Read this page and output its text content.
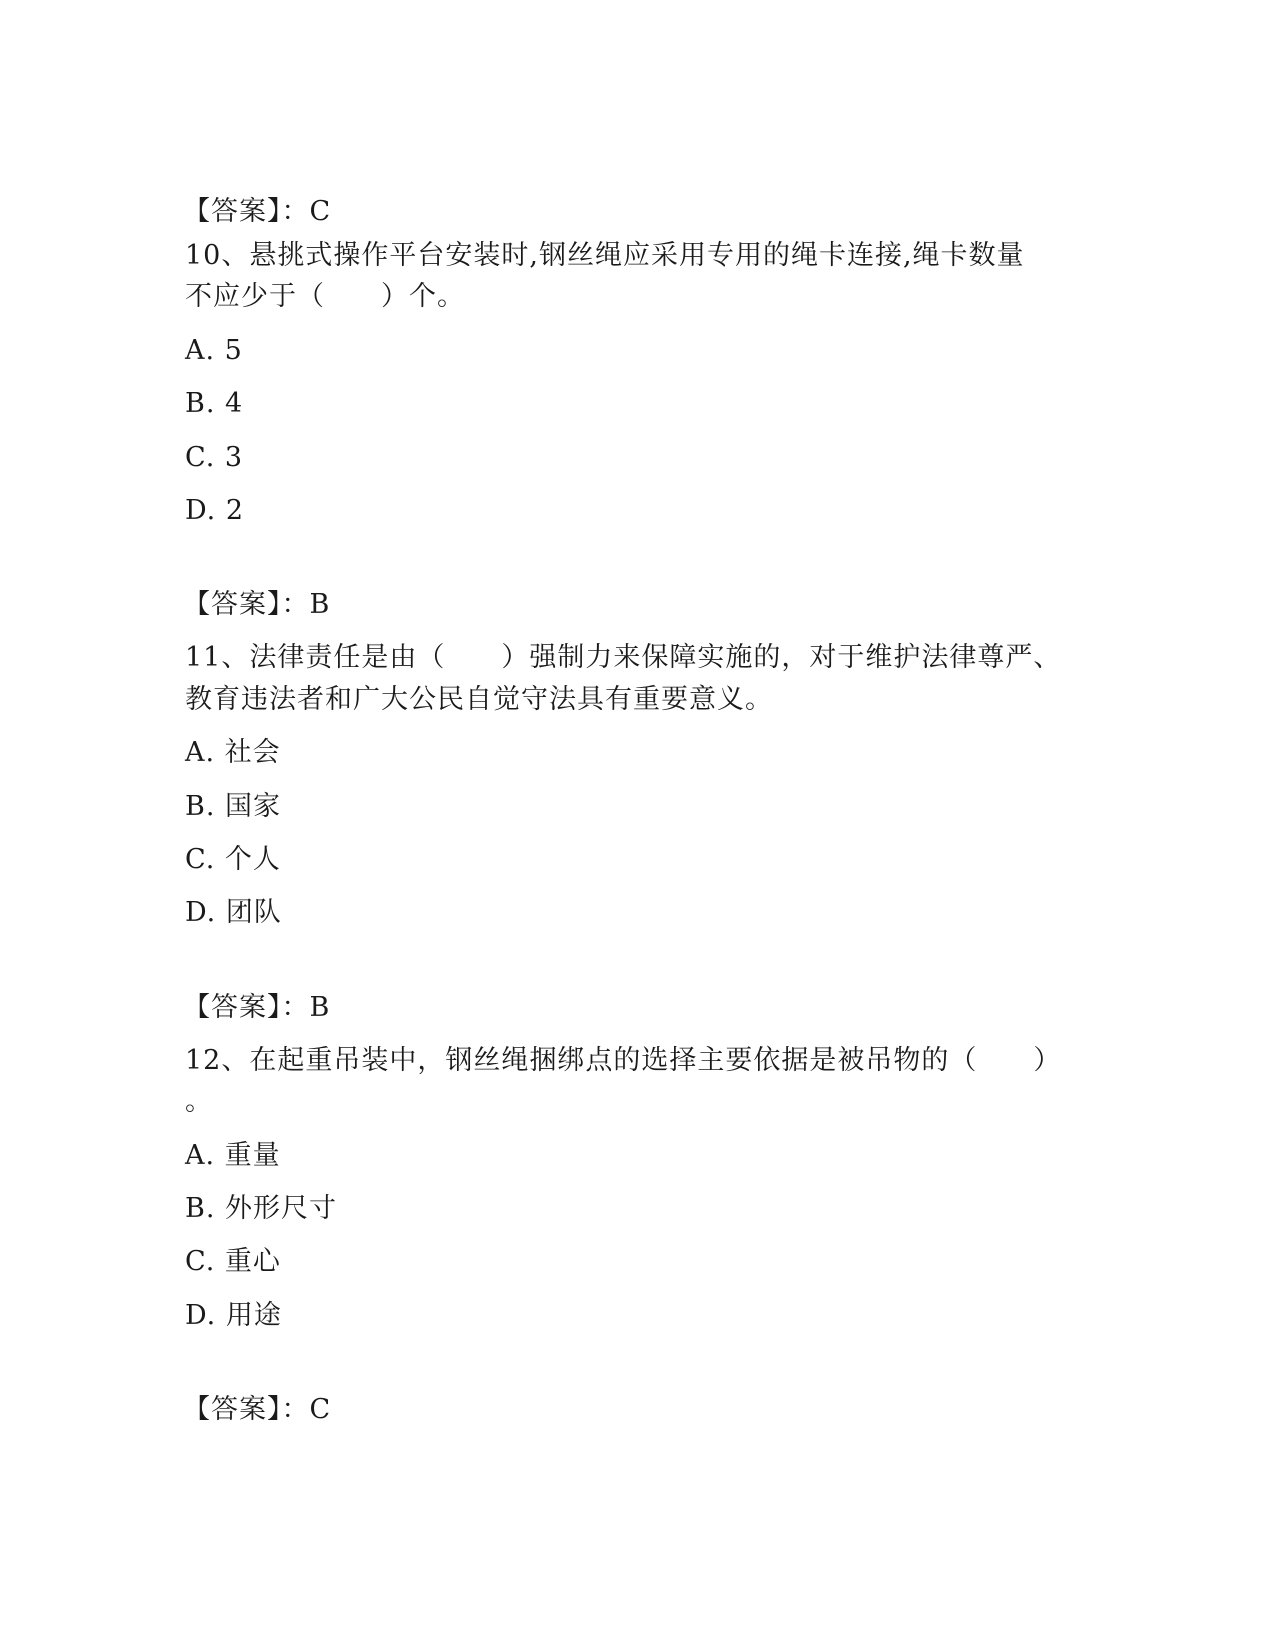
【答案】：C
10、悬挑式操作平台安装时,钢丝绳应采用专用的绳卡连接,绳卡数量
不应少于（　　）个。
A. 5
B. 4
C. 3
D. 2
【答案】：B
11、法律责任是由（　　）强制力来保障实施的，对于维护法律尊严、
教育违法者和广大公民自觉守法具有重要意义。
A. 社会
B. 国家
C. 个人
D. 团队
【答案】：B
12、在起重吊装中，钢丝绳捆绑点的选择主要依据是被吊物的（　　）
。
A. 重量
B. 外形尺寸
C. 重心
D. 用途
【答案】：C
